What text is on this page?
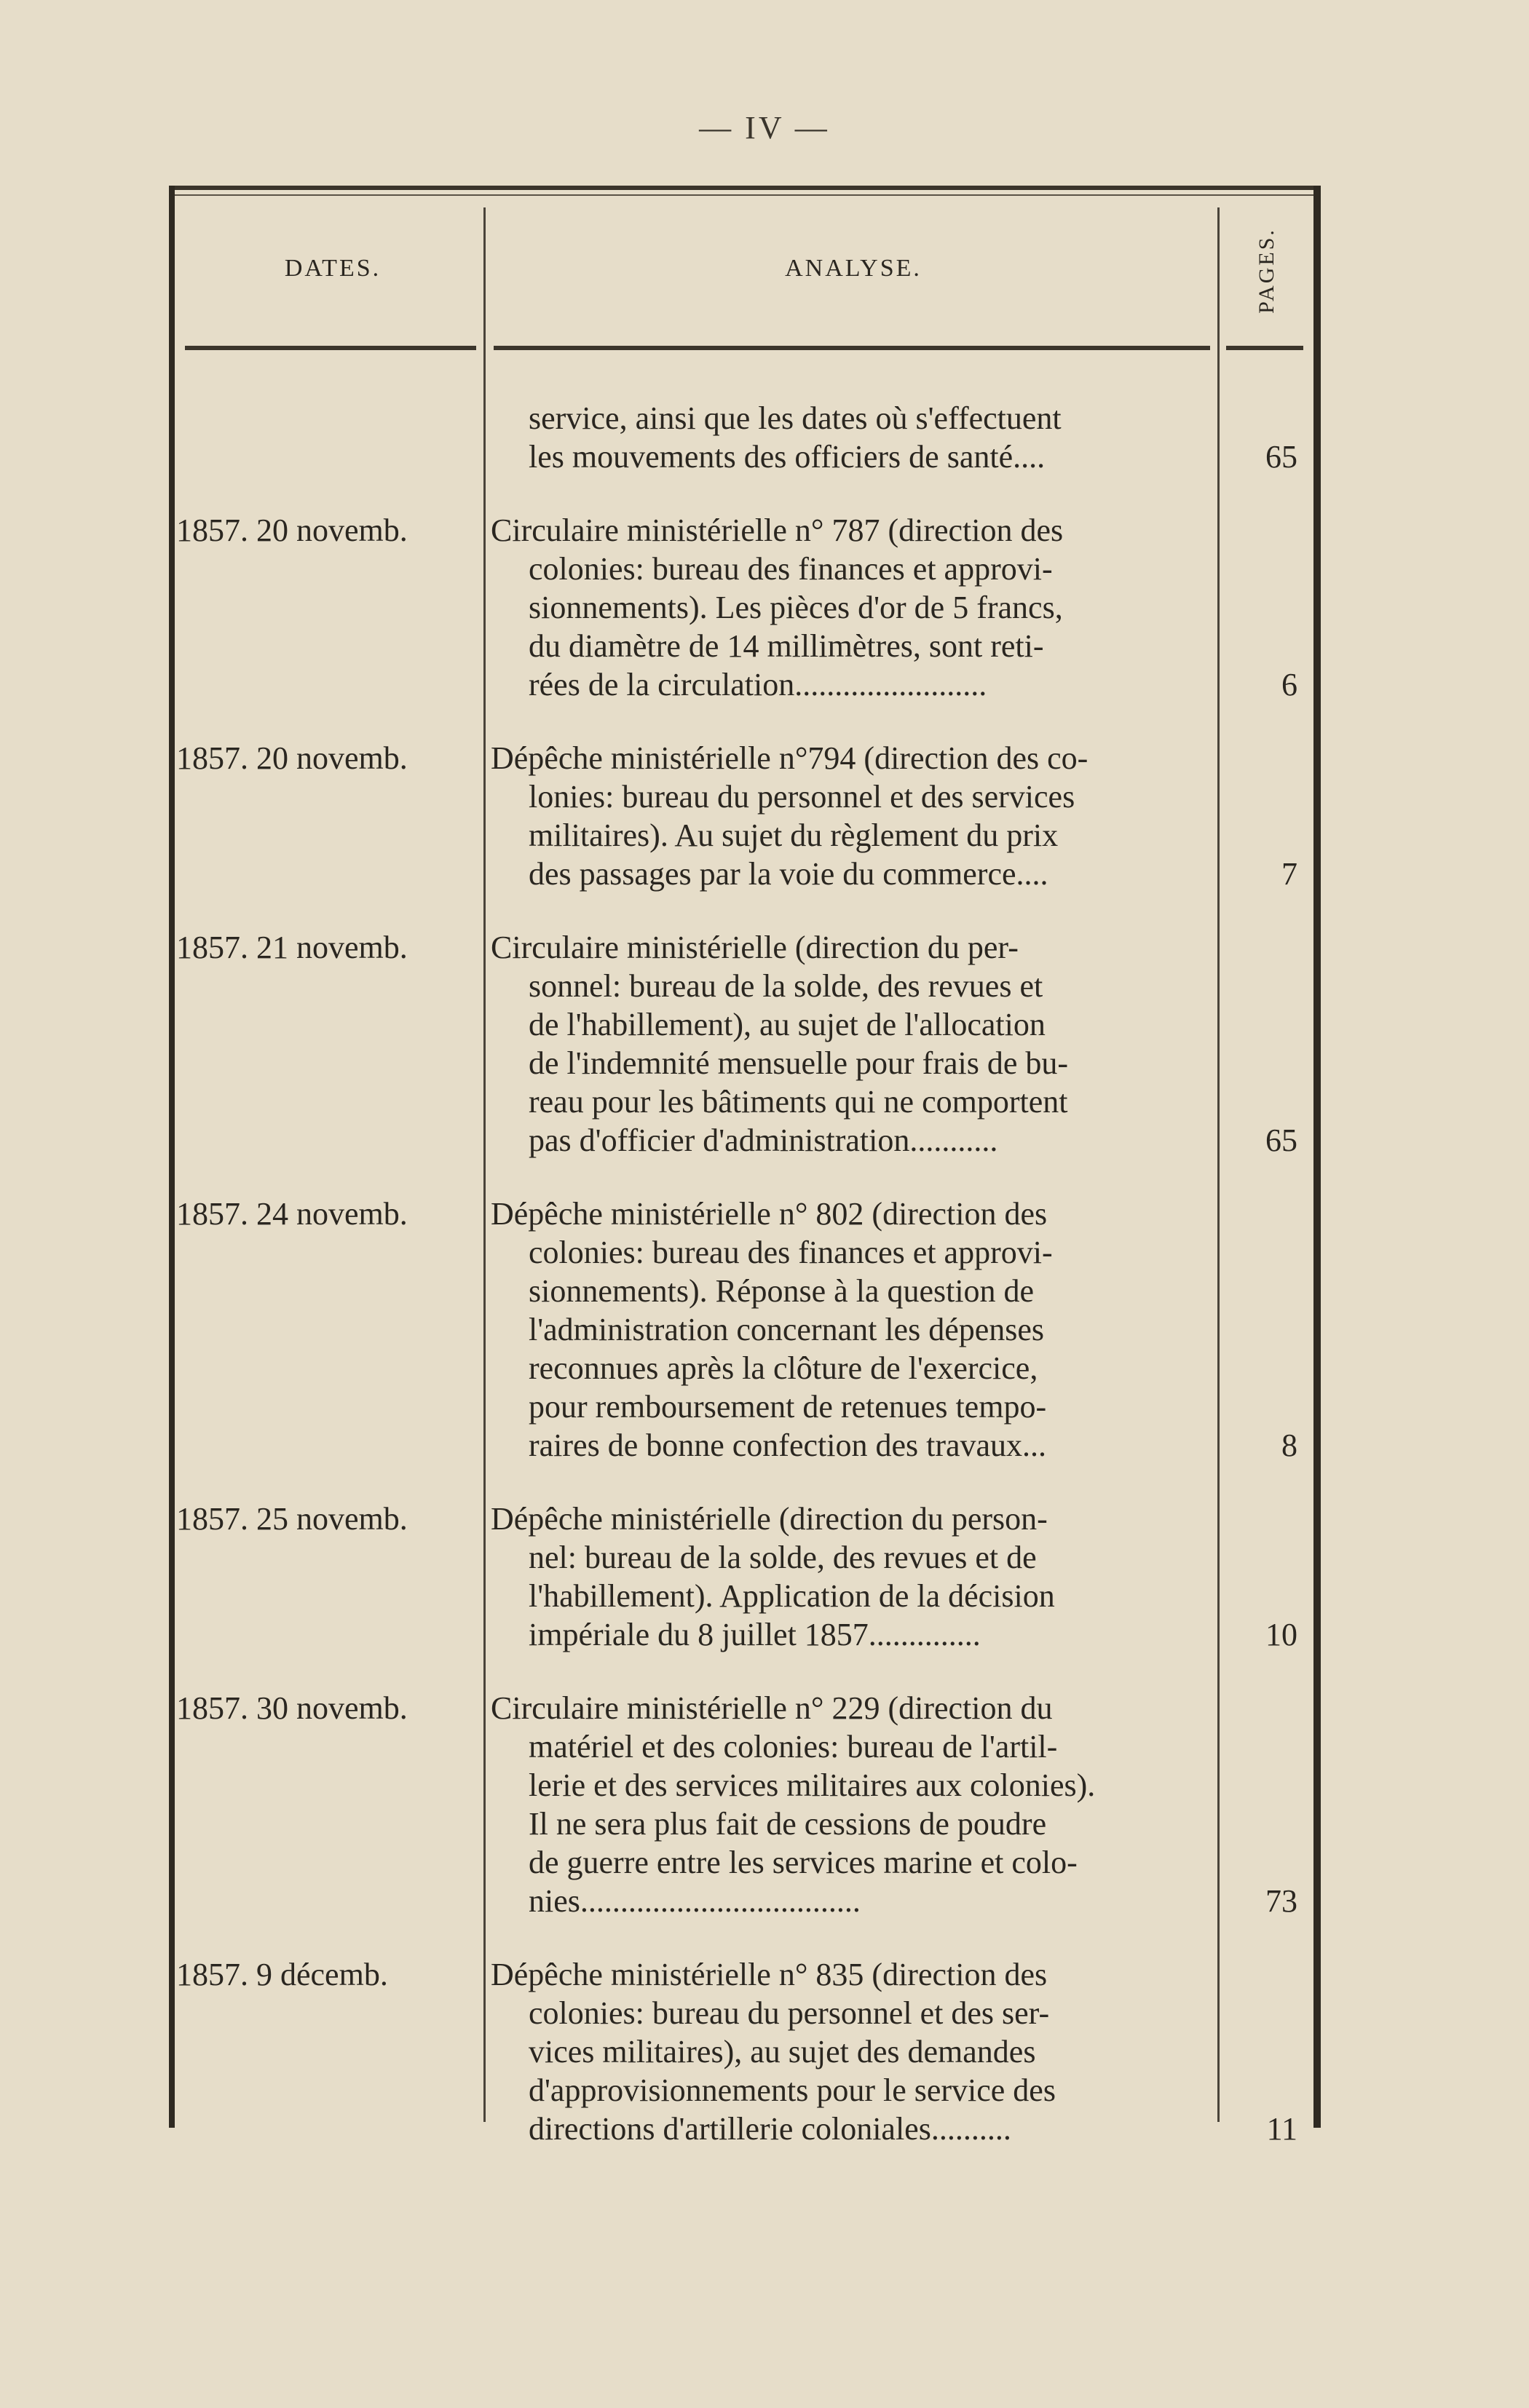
— IV —
DATES.	ANALYSE.	PAGES.
service, ainsi que les dates où s'effectuent
les mouvements des officiers de santé....	65
1857. 20 novemb.	Circulaire ministérielle n° 787 (direction des
colonies: bureau des finances et approvi-
sionnements). Les pièces d'or de 5 francs,
du diamètre de 14 millimètres, sont reti-
rées de la circulation........................	6
1857. 20 novemb.	Dépêche ministérielle n°794 (direction des co-
lonies: bureau du personnel et des services
militaires). Au sujet du règlement du prix
des passages par la voie du commerce....	7
1857. 21 novemb.	Circulaire ministérielle (direction du per-
sonnel: bureau de la solde, des revues et
de l'habillement), au sujet de l'allocation
de l'indemnité mensuelle pour frais de bu-
reau pour les bâtiments qui ne comportent
pas d'officier d'administration...........	65
1857. 24 novemb.	Dépêche ministérielle n° 802 (direction des
colonies: bureau des finances et approvi-
sionnements). Réponse à la question de
l'administration concernant les dépenses
reconnues après la clôture de l'exercice,
pour remboursement de retenues tempo-
raires de bonne confection des travaux...	8
1857. 25 novemb.	Dépêche ministérielle (direction du person-
nel: bureau de la solde, des revues et de
l'habillement). Application de la décision
impériale du 8 juillet 1857..............	10
1857. 30 novemb.	Circulaire ministérielle n° 229 (direction du
matériel et des colonies: bureau de l'artil-
lerie et des services militaires aux colonies).
Il ne sera plus fait de cessions de poudre
de guerre entre les services marine et colo-
nies...................................	73
1857. 9 décemb.	Dépêche ministérielle n° 835 (direction des
colonies: bureau du personnel et des ser-
vices militaires), au sujet des demandes
d'approvisionnements pour le service des
directions d'artillerie coloniales..........	11
